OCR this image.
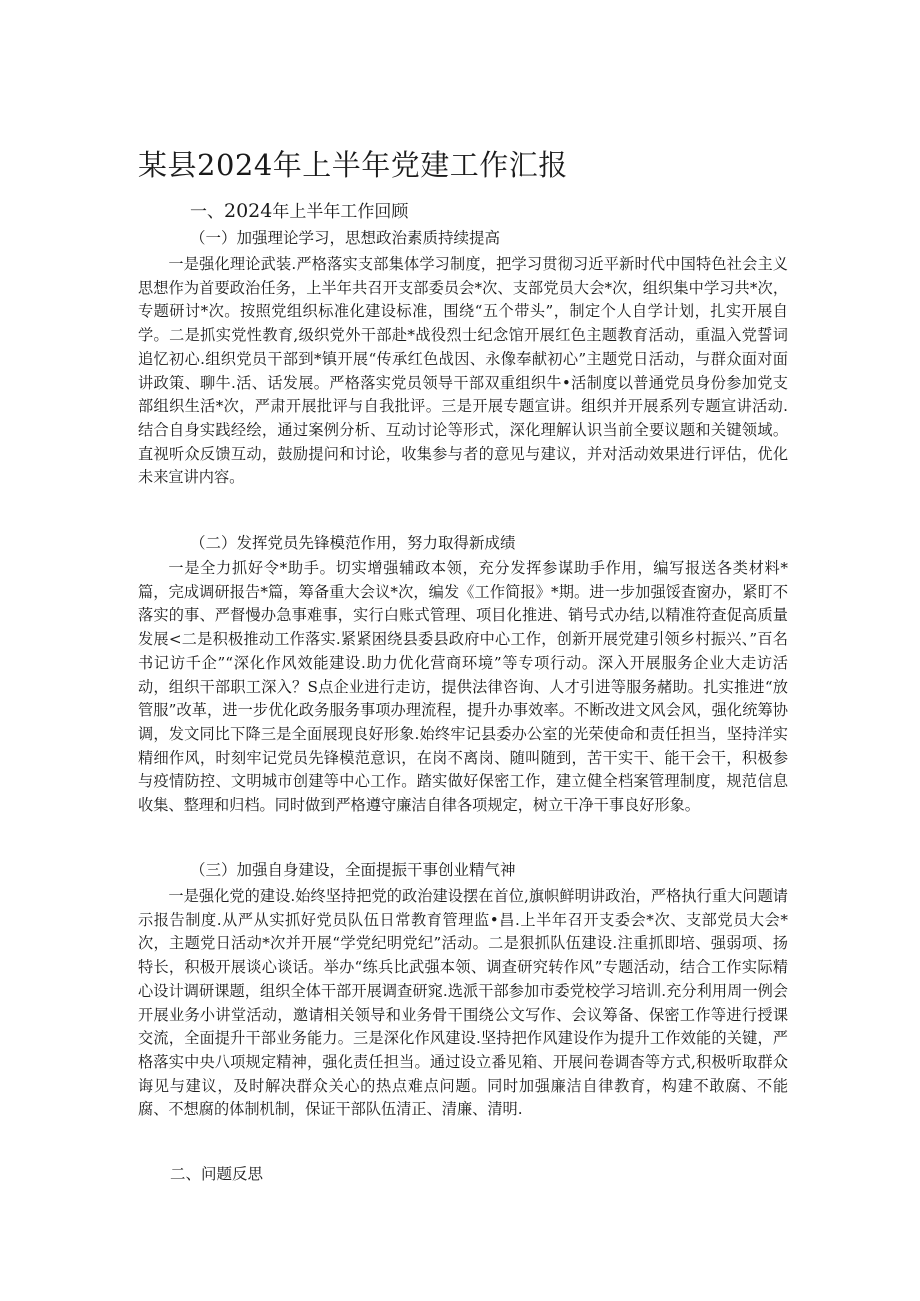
某县2024年上半年党建工作汇报
一、2024年上半年工作回顾
（一）加强理论学习，思想政治素质持续提高

一是强化理论武装.严格落实支部集体学习制度，把学习贯彻习近平新时代中国特色社会主义思想作为首要政治任务，上半年共召开支部委员会*次、支部党员大会*次，组织集中学习共*次，专题研讨*次。按照党组织标准化建设标准，围绕“五个带头”，制定个人自学计划，扎实开展自学。二是抓实党性教育,级织党外干部赴*战役烈士纪念馆开展红色主题教育活动，重温入党誓词追忆初心.组织党员干部到*镇开展“传承红色战因、永像奉献初心”主题党日活动，与群众面对面讲政策、聊牛.活、话发展。严格落实党员领导干部双重组织牛•活制度以普通党员身份参加党支部组织生活*次，严肃开展批评与自我批评。三是开展专题宣讲。组织并开展系列专题宣讲活动.结合自身实践经绘，通过案例分析、互动讨论等形式，深化理解认识当前全要议题和关键领域。直视听众反馈互动，鼓励提问和讨论，收集参与者的意见与建议，并对活动效果进行评估，优化未来宣讲内容。

（二）发挥党员先锋模范作用，努力取得新成绩

一是全力抓好令*助手。切实增强辅政本领，充分发挥参谋助手作用，编写报送各类材料*篇，完成调研报告*篇，筹备重大会议*次，编发《工作简报》*期。进一步加强馁査窗办，紧盯不落实的事、严督慢办急事难事，实行白账式管理、项目化推进、销号式办结,以精准符查促高质量发展<二是积极推动工作落实.紧紧困绕县委县政府中心工作，创新开展党建引领乡村振兴、”百名书记访千企”“深化作风效能建设.助力优化营商环境”等专项行动。深入开展服务企业大走访活动，组织干部职工深入？S点企业进行走访，提供法律咨询、人才引进等服务赭助。扎实推进“放管服”改革，进一步优化政务服务事项办理流程，提升办事效率。不断改进文风会风，强化统筹协调，发文同比下降三是全面展现良好形象.始终牢记县委办公室的光荣使命和责任担当，坚持洋实精细作风，时刻牢记党员先锋模范意识，在岗不离岗、随叫随到，苦干实干、能干会干，积极参与疫情防控、文明城市创建等中心工作。踏实做好保密工作，建立健全档案管理制度，规范信息收集、整理和归档。同时做到严格遵守廉洁自律各项规定，树立干净干事良好形象。

（三）加强自身建设，全面提振干事创业精气神

一是强化党的建设.始终坚持把党的政治建设摆在首位,旗帜鲜明讲政治，严格执行重大问题请示报告制度.从严从实抓好党员队伍日常教育管理监•昌.上半年召开支委会*次、支部党员大会*次，主题党日活动*次并开展“学党纪明党纪”活动。二是狠抓队伍建设.注重抓即培、强弱项、扬特长，积极开展谈心谈话。举办“练兵比武强本领、调查研究转作风”专题活动，结合工作实际精心设计调研课题，组织全体干部开展调查研窕.选派干部参加市委党校学习培训.充分利用周一例会开展业务小讲堂活动，邀请相关领导和业务骨干围绕公文写作、会议筹备、保密工作等进行授课交流，全面提升干部业务能力。三是深化作风建设.坚持把作风建设作为提升工作效能的关键，严格落实中央八项规定精神，强化责任担当。通过设立番见箱、开展问卷调杳等方式,积极听取群众诲见与建议，及时解决群众关心的热点难点问题。同时加强廉洁自律教育，构建不敢腐、不能腐、不想腐的体制机制，保证干部队伍清正、清廉、清明.

二、问题反思
